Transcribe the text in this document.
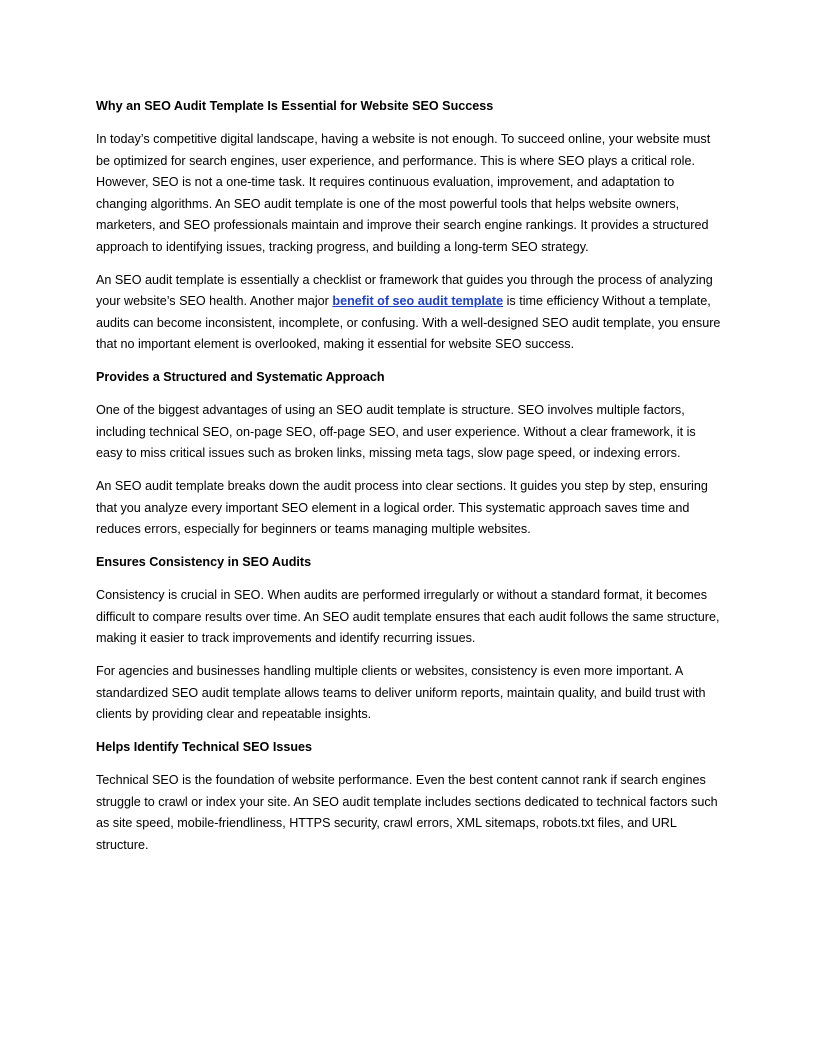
Why an SEO Audit Template Is Essential for Website SEO Success

In today’s competitive digital landscape, having a website is not enough. To succeed online, your website must be optimized for search engines, user experience, and performance. This is where SEO plays a critical role. However, SEO is not a one-time task. It requires continuous evaluation, improvement, and adaptation to changing algorithms. An SEO audit template is one of the most powerful tools that helps website owners, marketers, and SEO professionals maintain and improve their search engine rankings. It provides a structured approach to identifying issues, tracking progress, and building a long-term SEO strategy.

An SEO audit template is essentially a checklist or framework that guides you through the process of analyzing your website’s SEO health. Another major benefit of seo audit template is time efficiency Without a template, audits can become inconsistent, incomplete, or confusing. With a well-designed SEO audit template, you ensure that no important element is overlooked, making it essential for website SEO success.

Provides a Structured and Systematic Approach

One of the biggest advantages of using an SEO audit template is structure. SEO involves multiple factors, including technical SEO, on-page SEO, off-page SEO, and user experience. Without a clear framework, it is easy to miss critical issues such as broken links, missing meta tags, slow page speed, or indexing errors.

An SEO audit template breaks down the audit process into clear sections. It guides you step by step, ensuring that you analyze every important SEO element in a logical order. This systematic approach saves time and reduces errors, especially for beginners or teams managing multiple websites.

Ensures Consistency in SEO Audits

Consistency is crucial in SEO. When audits are performed irregularly or without a standard format, it becomes difficult to compare results over time. An SEO audit template ensures that each audit follows the same structure, making it easier to track improvements and identify recurring issues.

For agencies and businesses handling multiple clients or websites, consistency is even more important. A standardized SEO audit template allows teams to deliver uniform reports, maintain quality, and build trust with clients by providing clear and repeatable insights.

Helps Identify Technical SEO Issues

Technical SEO is the foundation of website performance. Even the best content cannot rank if search engines struggle to crawl or index your site. An SEO audit template includes sections dedicated to technical factors such as site speed, mobile-friendliness, HTTPS security, crawl errors, XML sitemaps, robots.txt files, and URL structure.
